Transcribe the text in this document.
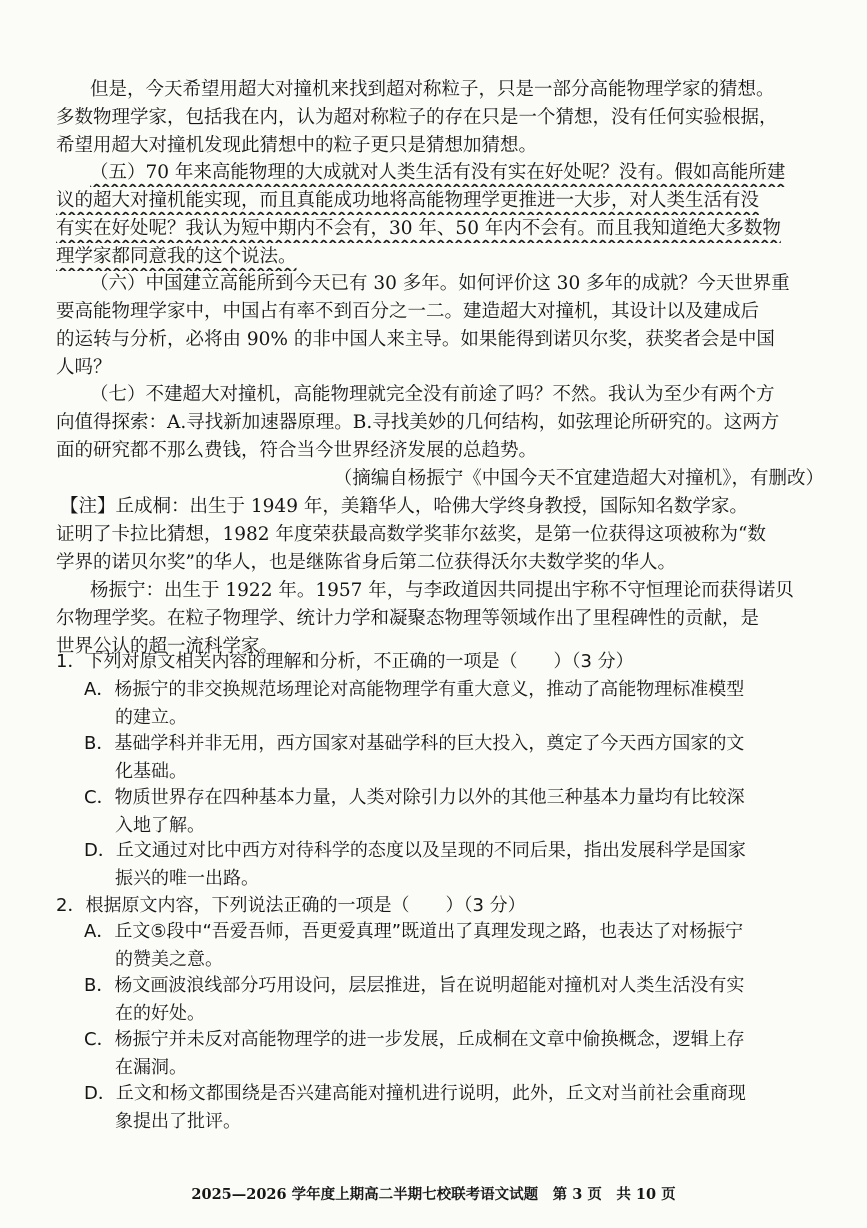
但是，今天希望用超大对撞机来找到超对称粒子，只是一部分高能物理学家的猜想。
多数物理学家，包括我在内，认为超对称粒子的存在只是一个猜想，没有任何实验根据，
希望用超大对撞机发现此猜想中的粒子更只是猜想加猜想。
（五）70 年来高能物理的大成就对人类生活有没有实在好处呢？没有。假如高能所建
议的超大对撞机能实现，而且真能成功地将高能物理学更推进一大步，对人类生活有没
有实在好处呢？我认为短中期内不会有，30 年、50 年内不会有。而且我知道绝大多数物
理学家都同意我的这个说法。
（六）中国建立高能所到今天已有 30 多年。如何评价这 30 多年的成就？今天世界重
要高能物理学家中，中国占有率不到百分之一二。建造超大对撞机，其设计以及建成后
的运转与分析，必将由 90% 的非中国人来主导。如果能得到诺贝尔奖，获奖者会是中国
人吗？
（七）不建超大对撞机，高能物理就完全没有前途了吗？不然。我认为至少有两个方
向值得探索：A.寻找新加速器原理。B.寻找美妙的几何结构，如弦理论所研究的。这两方
面的研究都不那么费钱，符合当今世界经济发展的总趋势。
（摘编自杨振宁《中国今天不宜建造超大对撞机》，有删改）
【注】丘成桐：出生于 1949 年，美籍华人，哈佛大学终身教授，国际知名数学家。
证明了卡拉比猜想，1982 年度荣获最高数学奖菲尔兹奖，是第一位获得这项被称为“数
学界的诺贝尔奖”的华人，也是继陈省身后第二位获得沃尔夫数学奖的华人。
杨振宁：出生于 1922 年。1957 年，与李政道因共同提出宇称不守恒理论而获得诺贝
尔物理学奖。在粒子物理学、统计力学和凝聚态物理等领域作出了里程碑性的贡献，是
世界公认的超一流科学家。
1．下列对原文相关内容的理解和分析，不正确的一项是（　　）（3 分）
A．杨振宁的非交换规范场理论对高能物理学有重大意义，推动了高能物理标准模型
的建立。
B．基础学科并非无用，西方国家对基础学科的巨大投入，奠定了今天西方国家的文
化基础。
C．物质世界存在四种基本力量，人类对除引力以外的其他三种基本力量均有比较深
入地了解。
D．丘文通过对比中西方对待科学的态度以及呈现的不同后果，指出发展科学是国家
振兴的唯一出路。
2．根据原文内容，下列说法正确的一项是（　　）（3 分）
A．丘文⑤段中“吾爱吾师，吾更爱真理”既道出了真理发现之路，也表达了对杨振宁
的赞美之意。
B．杨文画波浪线部分巧用设问，层层推进，旨在说明超能对撞机对人类生活没有实
在的好处。
C．杨振宁并未反对高能物理学的进一步发展，丘成桐在文章中偷换概念，逻辑上存
在漏洞。
D．丘文和杨文都围绕是否兴建高能对撞机进行说明，此外，丘文对当前社会重商现
象提出了批评。
2025—2026 学年度上期高二半期七校联考语文试题　第 3 页　共 10 页
